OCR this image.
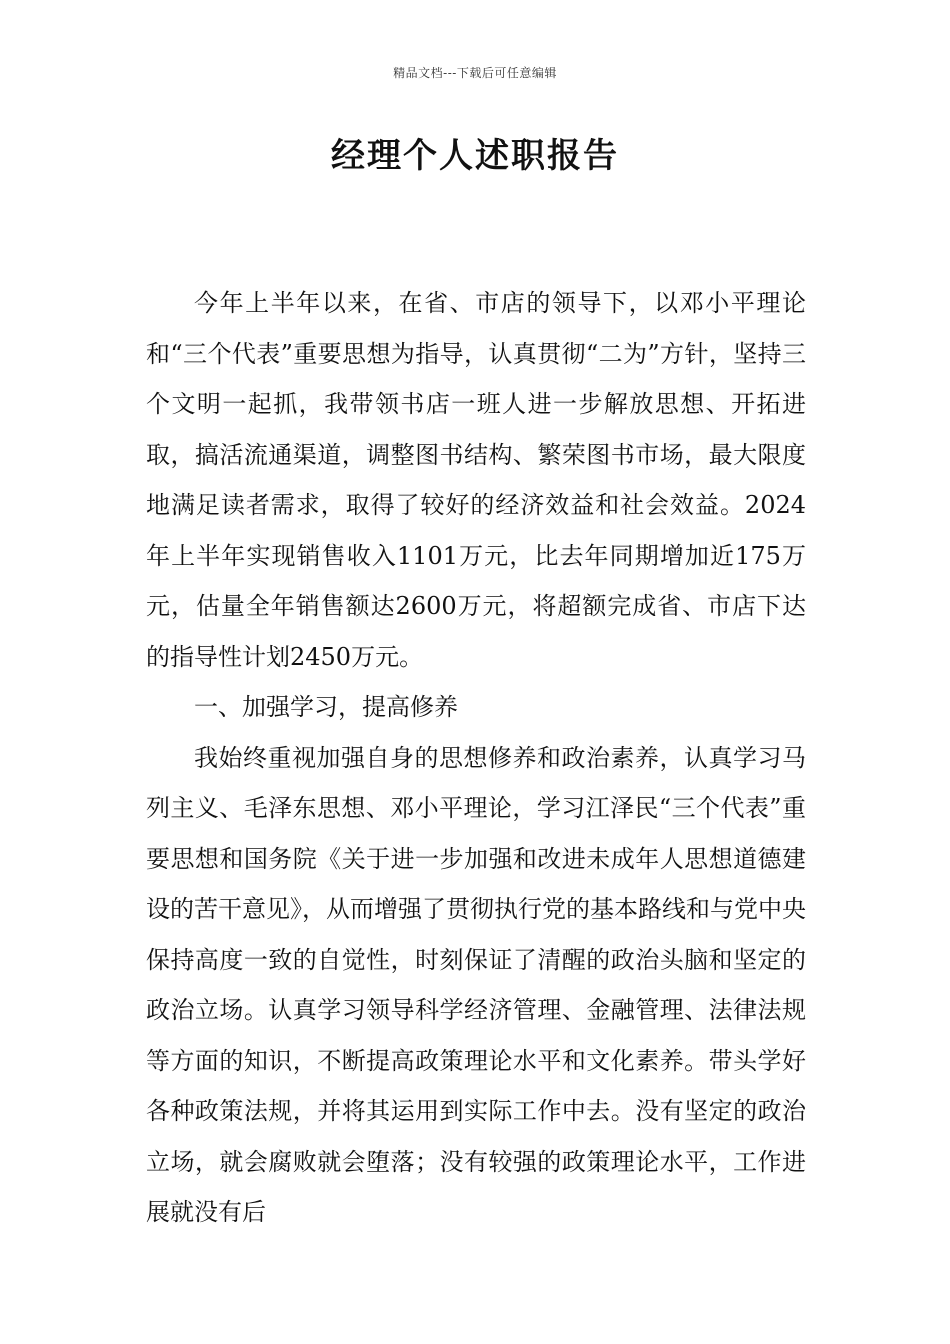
精品文档---下载后可任意编辑
经理个人述职报告

今年上半年以来，在省、市店的领导下，以邓小平理论和“三个代表”重要思想为指导，认真贯彻“二为”方针，坚持三个文明一起抓，我带领书店一班人进一步解放思想、开拓进取，搞活流通渠道，调整图书结构、繁荣图书市场，最大限度地满足读者需求，取得了较好的经济效益和社会效益。2024年上半年实现销售收入1101万元，比去年同期增加近175万元，估量全年销售额达2600万元，将超额完成省、市店下达的指导性计划2450万元。

一、加强学习，提高修养

我始终重视加强自身的思想修养和政治素养，认真学习马列主义、毛泽东思想、邓小平理论，学习江泽民“三个代表”重要思想和国务院《关于进一步加强和改进未成年人思想道德建设的苦干意见》，从而增强了贯彻执行党的基本路线和与党中央保持高度一致的自觉性，时刻保证了清醒的政治头脑和坚定的政治立场。认真学习领导科学经济管理、金融管理、法律法规等方面的知识，不断提高政策理论水平和文化素养。带头学好各种政策法规，并将其运用到实际工作中去。没有坚定的政治立场，就会腐败就会堕落；没有较强的政策理论水平，工作进展就没有后
